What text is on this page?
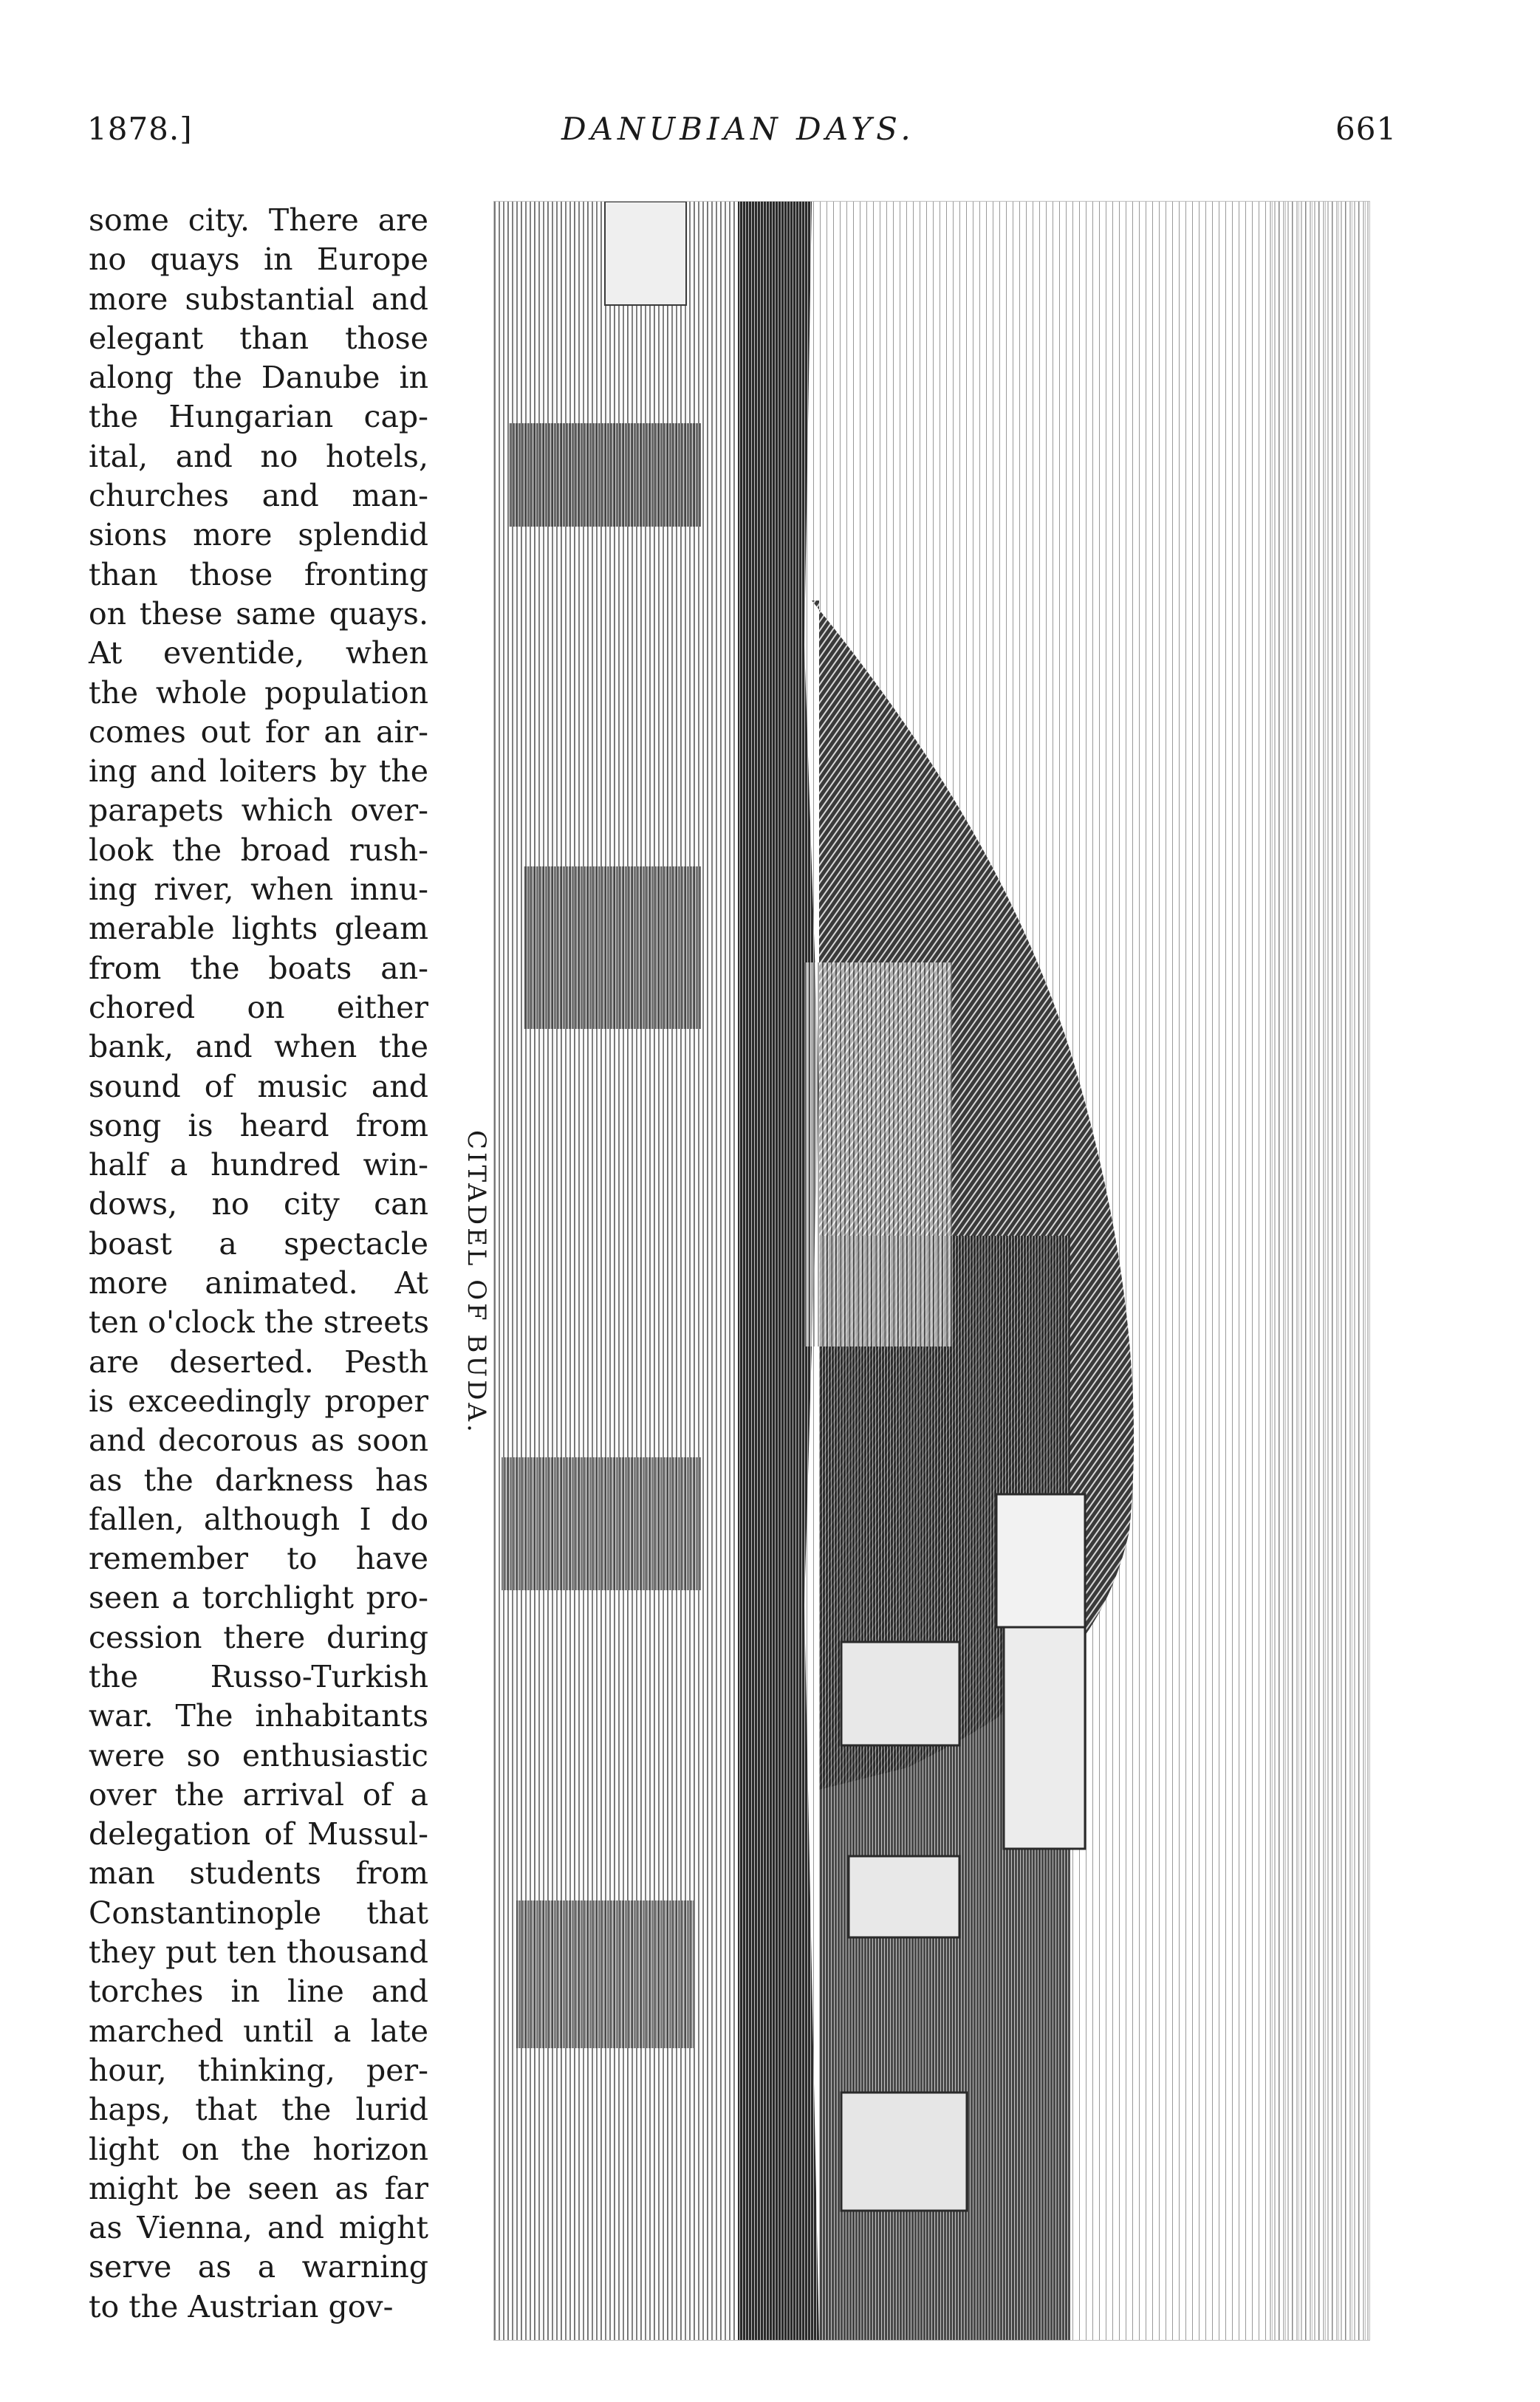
1878.]	DANUBIAN DAYS.	661
some city. There are
no quays in Europe
more substantial and
elegant than those
along the Danube in
the Hungarian cap-
ital, and no hotels,
churches and man-
sions more splendid
than those fronting
on these same quays.
At eventide, when
the whole population
comes out for an air-
ing and loiters by the
parapets which over-
look the broad rush-
ing river, when innu-
merable lights gleam
from the boats an-
chored on either
bank, and when the
sound of music and
song is heard from
half a hundred win-
dows, no city can
boast a spectacle
more animated. At
ten o'clock the streets
are deserted. Pesth
is exceedingly proper
and decorous as soon
as the darkness has
fallen, although I do
remember to have
seen a torchlight pro-
cession there during
the Russo-Turkish
war. The inhabitants
were so enthusiastic
over the arrival of a
delegation of Mussul-
man students from
Constantinople that
they put ten thousand
torches in line and
marched until a late
hour, thinking, per-
haps, that the lurid
light on the horizon
might be seen as far
as Vienna, and might
serve as a warning
to the Austrian gov-
CITADEL OF BUDA.
